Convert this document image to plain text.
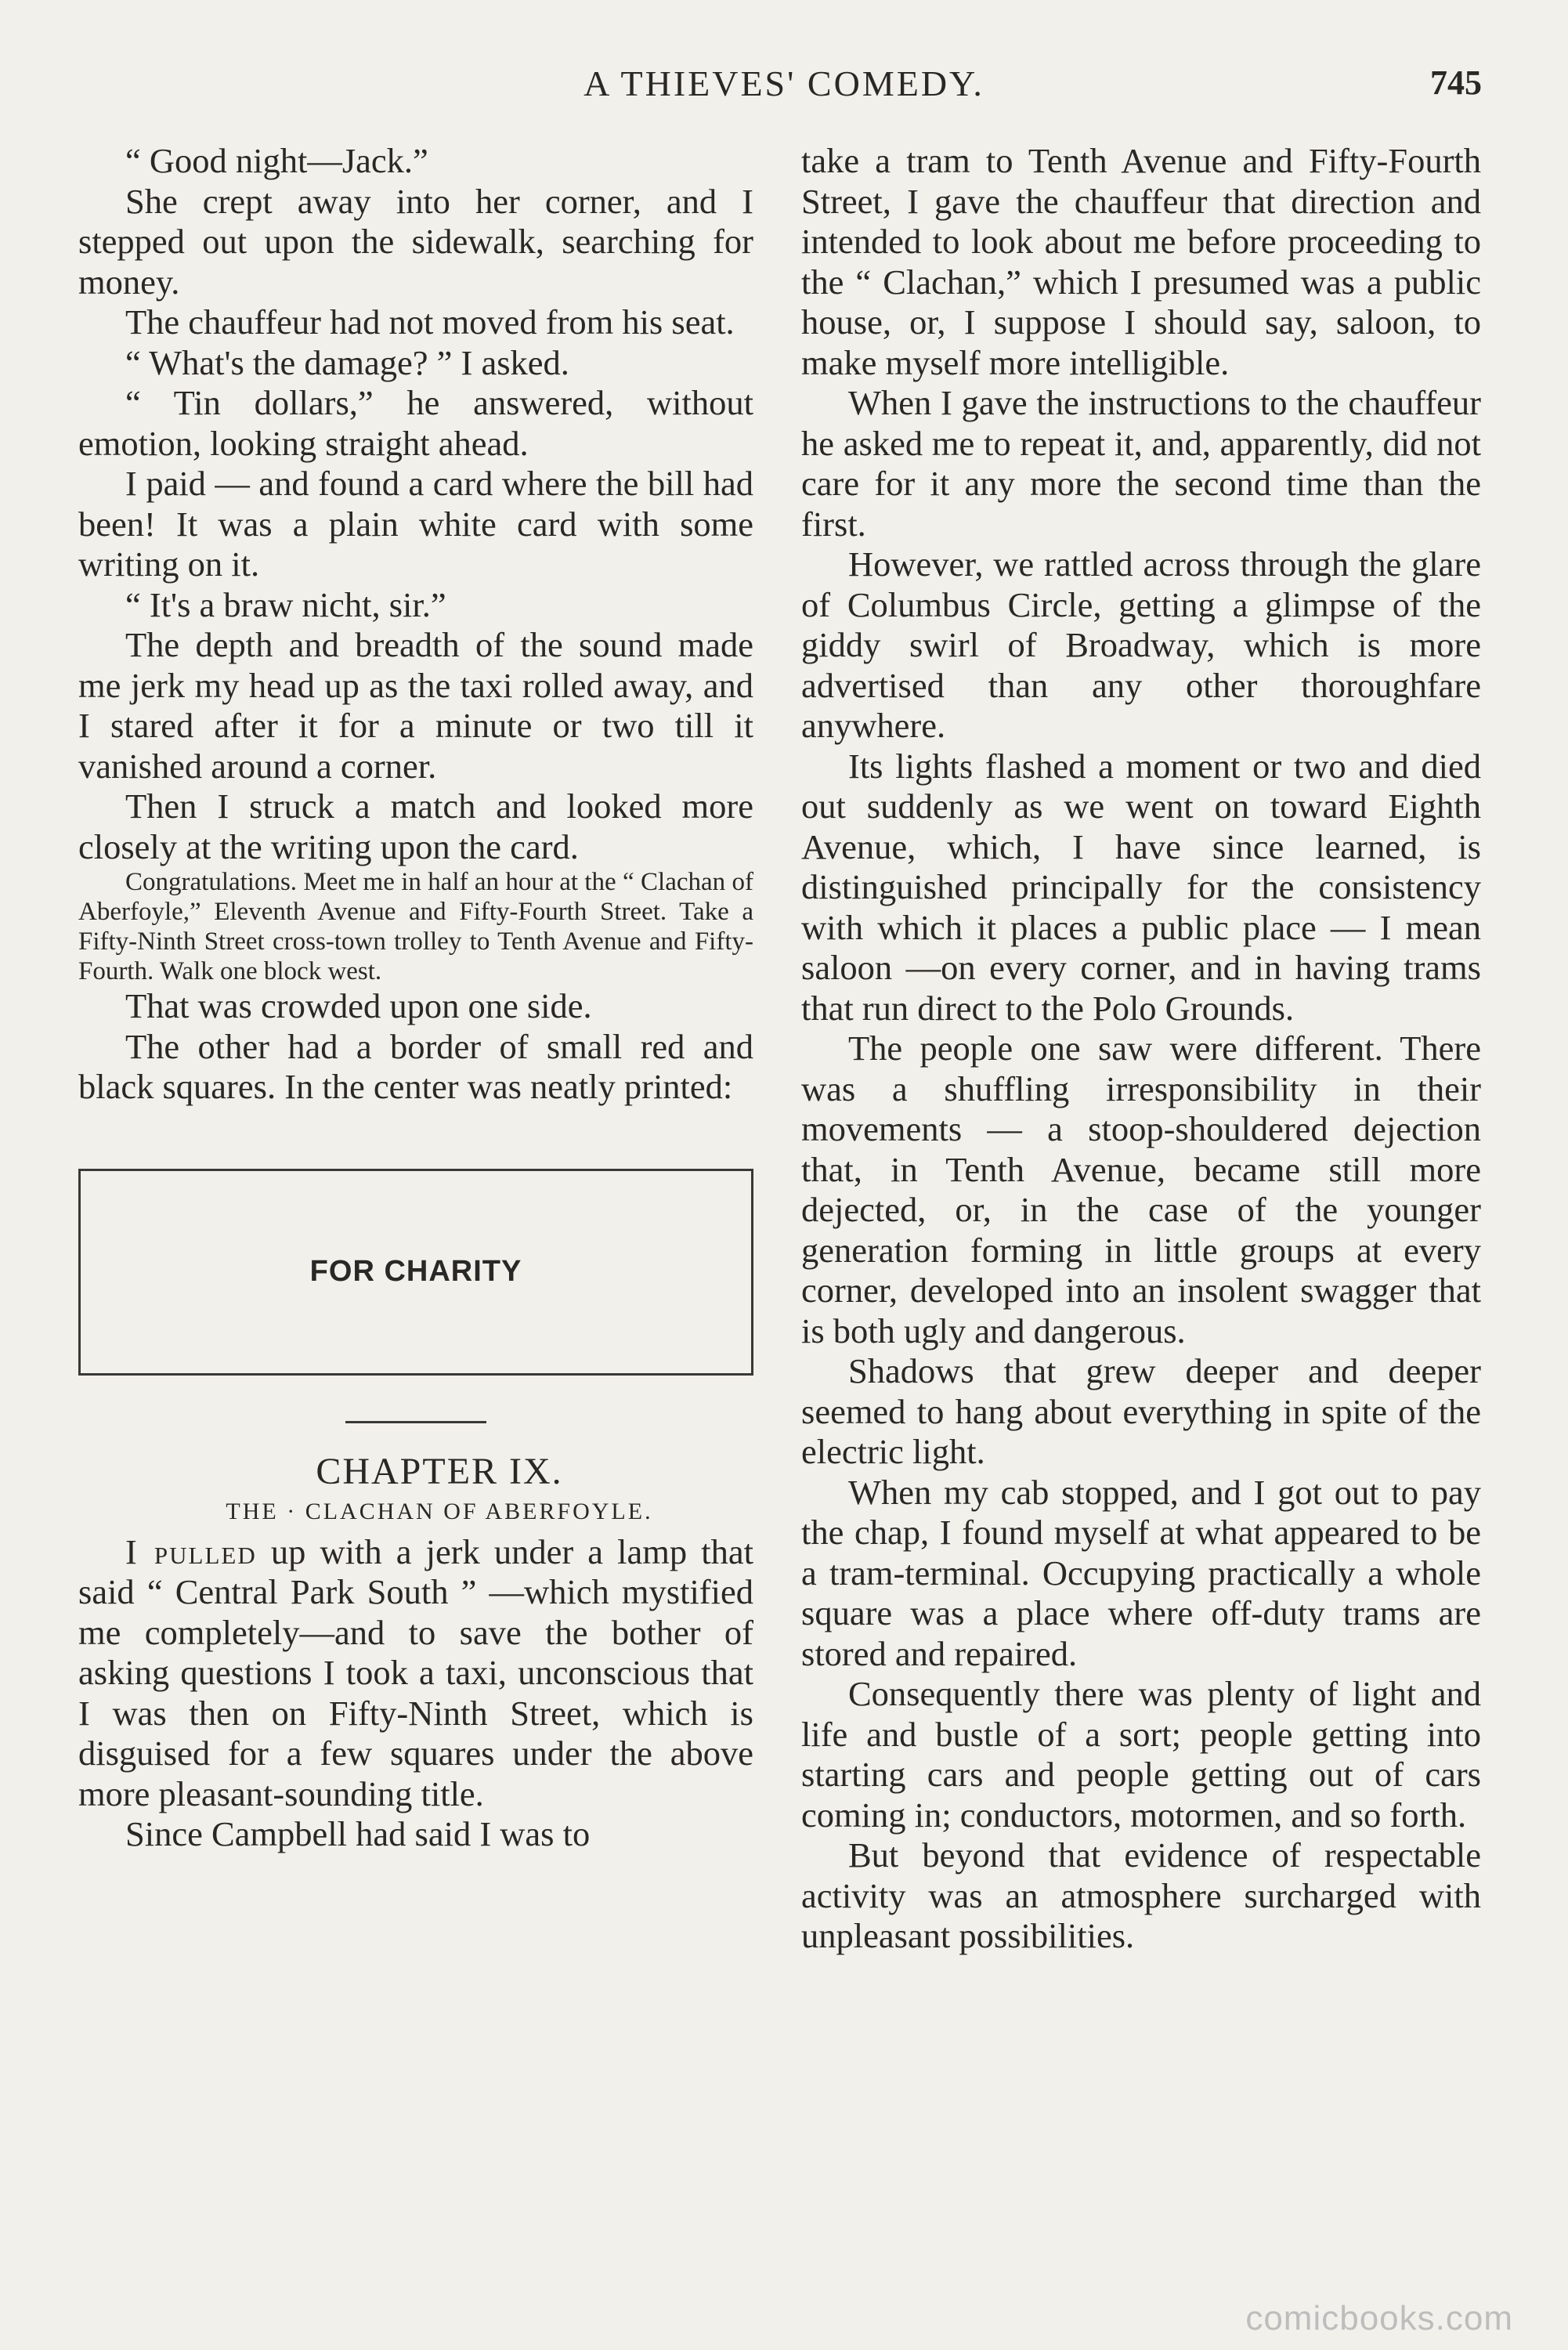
A THIEVES' COMEDY.	745

“ Good night—Jack.”

She crept away into her corner, and I stepped out upon the sidewalk, searching for money.

The chauffeur had not moved from his seat.

“ What's the damage? ” I asked.

“ Tin dollars,” he answered, without emotion, looking straight ahead.

I paid — and found a card where the bill had been! It was a plain white card with some writing on it.

“ It's a braw nicht, sir.”

The depth and breadth of the sound made me jerk my head up as the taxi rolled away, and I stared after it for a minute or two till it vanished around a corner.

Then I struck a match and looked more closely at the writing upon the card.

Congratulations. Meet me in half an hour at the “ Clachan of Aberfoyle,” Eleventh Avenue and Fifty-Fourth Street. Take a Fifty-Ninth Street cross-town trolley to Tenth Avenue and Fifty-Fourth. Walk one block west.

That was crowded upon one side.

The other had a border of small red and black squares. In the center was neatly printed:

FOR CHARITY

CHAPTER IX.

THE · CLACHAN OF ABERFOYLE.

I pulled up with a jerk under a lamp that said “ Central Park South ” —which mystified me completely—and to save the bother of asking questions I took a taxi, unconscious that I was then on Fifty-Ninth Street, which is disguised for a few squares under the above more pleasant-sounding title.

Since Campbell had said I was to

take a tram to Tenth Avenue and Fifty-Fourth Street, I gave the chauffeur that direction and intended to look about me before proceeding to the “ Clachan,” which I presumed was a public house, or, I suppose I should say, saloon, to make myself more intelligible.

When I gave the instructions to the chauffeur he asked me to repeat it, and, apparently, did not care for it any more the second time than the first.

However, we rattled across through the glare of Columbus Circle, getting a glimpse of the giddy swirl of Broadway, which is more advertised than any other thoroughfare anywhere.

Its lights flashed a moment or two and died out suddenly as we went on toward Eighth Avenue, which, I have since learned, is distinguished principally for the consistency with which it places a public place — I mean saloon —on every corner, and in having trams that run direct to the Polo Grounds.

The people one saw were different. There was a shuffling irresponsibility in their movements — a stoop-shouldered dejection that, in Tenth Avenue, became still more dejected, or, in the case of the younger generation forming in little groups at every corner, developed into an insolent swagger that is both ugly and dangerous.

Shadows that grew deeper and deeper seemed to hang about everything in spite of the electric light.

When my cab stopped, and I got out to pay the chap, I found myself at what appeared to be a tram-terminal. Occupying practically a whole square was a place where off-duty trams are stored and repaired.

Consequently there was plenty of light and life and bustle of a sort; people getting into starting cars and people getting out of cars coming in; conductors, motormen, and so forth.

But beyond that evidence of respectable activity was an atmosphere surcharged with unpleasant possibilities.

comicbooks.com
